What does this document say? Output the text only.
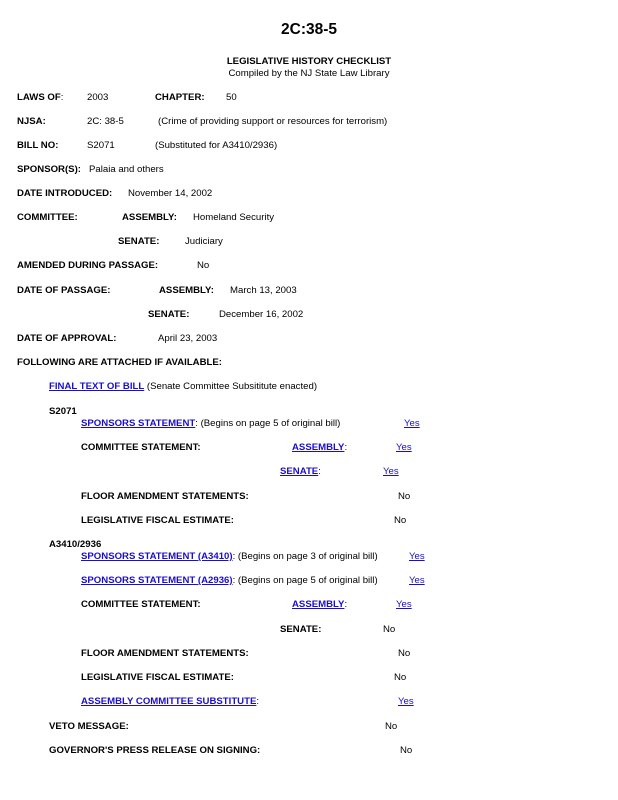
2C:38-5
LEGISLATIVE HISTORY CHECKLIST
Compiled by the NJ State Law Library
LAWS OF: 2003	CHAPTER: 50
NJSA:	2C: 38-5	(Crime of providing support or resources for terrorism)
BILL NO:	S2071	(Substituted for A3410/2936)
SPONSOR(S): Palaia and others
DATE INTRODUCED: November 14, 2002
COMMITTEE:	ASSEMBLY: Homeland Security
SENATE:	Judiciary
AMENDED DURING PASSAGE:	No
DATE OF PASSAGE:	ASSEMBLY: March 13, 2003
SENATE:	December 16, 2002
DATE OF APPROVAL:	April 23, 2003
FOLLOWING ARE ATTACHED IF AVAILABLE:
FINAL TEXT OF BILL (Senate Committee Subsititute enacted)
S2071
SPONSORS STATEMENT: (Begins on page 5 of original bill)	Yes
COMMITTEE STATEMENT:	ASSEMBLY:	Yes
SENATE:	Yes
FLOOR AMENDMENT STATEMENTS:	No
LEGISLATIVE FISCAL ESTIMATE:	No
A3410/2936
SPONSORS STATEMENT (A3410): (Begins on page 3 of original bill)	Yes
SPONSORS STATEMENT (A2936): (Begins on page 5 of original bill)	Yes
COMMITTEE STATEMENT:	ASSEMBLY:	Yes
SENATE:	No
FLOOR AMENDMENT STATEMENTS:	No
LEGISLATIVE FISCAL ESTIMATE:	No
ASSEMBLY COMMITTEE SUBSTITUTE:	Yes
VETO MESSAGE:	No
GOVERNOR'S PRESS RELEASE ON SIGNING:	No
